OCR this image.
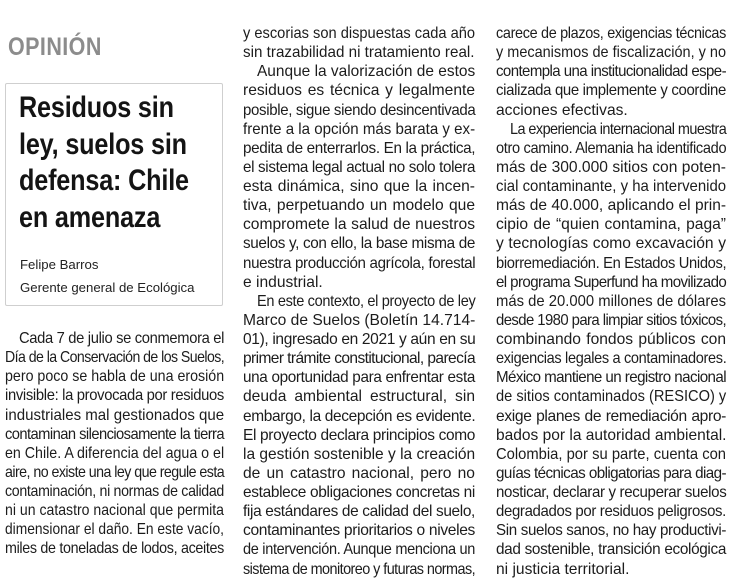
OPINIÓN
Residuos sin
ley, suelos sin
defensa: Chile
en amenaza
Felipe Barros
Gerente general de Ecológica
Cada 7 de julio se conmemora el
Día de la Conservación de los Suelos,
pero poco se habla de una erosión
invisible: la provocada por residuos
industriales mal gestionados que
contaminan silenciosamente la tierra
en Chile. A diferencia del agua o el
aire, no existe una ley que regule esta
contaminación, ni normas de calidad
ni un catastro nacional que permita
dimensionar el daño. En este vacío,
miles de toneladas de lodos, aceites
y escorias son dispuestas cada año
sin trazabilidad ni tratamiento real.
Aunque la valorización de estos
residuos es técnica y legalmente
posible, sigue siendo desincentivada
frente a la opción más barata y ex-
pedita de enterrarlos. En la práctica,
el sistema legal actual no solo tolera
esta dinámica, sino que la incen-
tiva, perpetuando un modelo que
compromete la salud de nuestros
suelos y, con ello, la base misma de
nuestra producción agrícola, forestal
e industrial.
En este contexto, el proyecto de ley
Marco de Suelos (Boletín 14.714-
01), ingresado en 2021 y aún en su
primer trámite constitucional, parecía
una oportunidad para enfrentar esta
deuda ambiental estructural, sin
embargo, la decepción es evidente.
El proyecto declara principios como
la gestión sostenible y la creación
de un catastro nacional, pero no
establece obligaciones concretas ni
fija estándares de calidad del suelo,
contaminantes prioritarios o niveles
de intervención. Aunque menciona un
sistema de monitoreo y futuras normas,
carece de plazos, exigencias técnicas
y mecanismos de fiscalización, y no
contempla una institucionalidad espe-
cializada que implemente y coordine
acciones efectivas.
La experiencia internacional muestra
otro camino. Alemania ha identificado
más de 300.000 sitios con poten-
cial contaminante, y ha intervenido
más de 40.000, aplicando el prin-
cipio de “quien contamina, paga”
y tecnologías como excavación y
biorremediación. En Estados Unidos,
el programa Superfund ha movilizado
más de 20.000 millones de dólares
desde 1980 para limpiar sitios tóxicos,
combinando fondos públicos con
exigencias legales a contaminadores.
México mantiene un registro nacional
de sitios contaminados (RESICO) y
exige planes de remediación apro-
bados por la autoridad ambiental.
Colombia, por su parte, cuenta con
guías técnicas obligatorias para diag-
nosticar, declarar y recuperar suelos
degradados por residuos peligrosos.
Sin suelos sanos, no hay productivi-
dad sostenible, transición ecológica
ni justicia territorial.
